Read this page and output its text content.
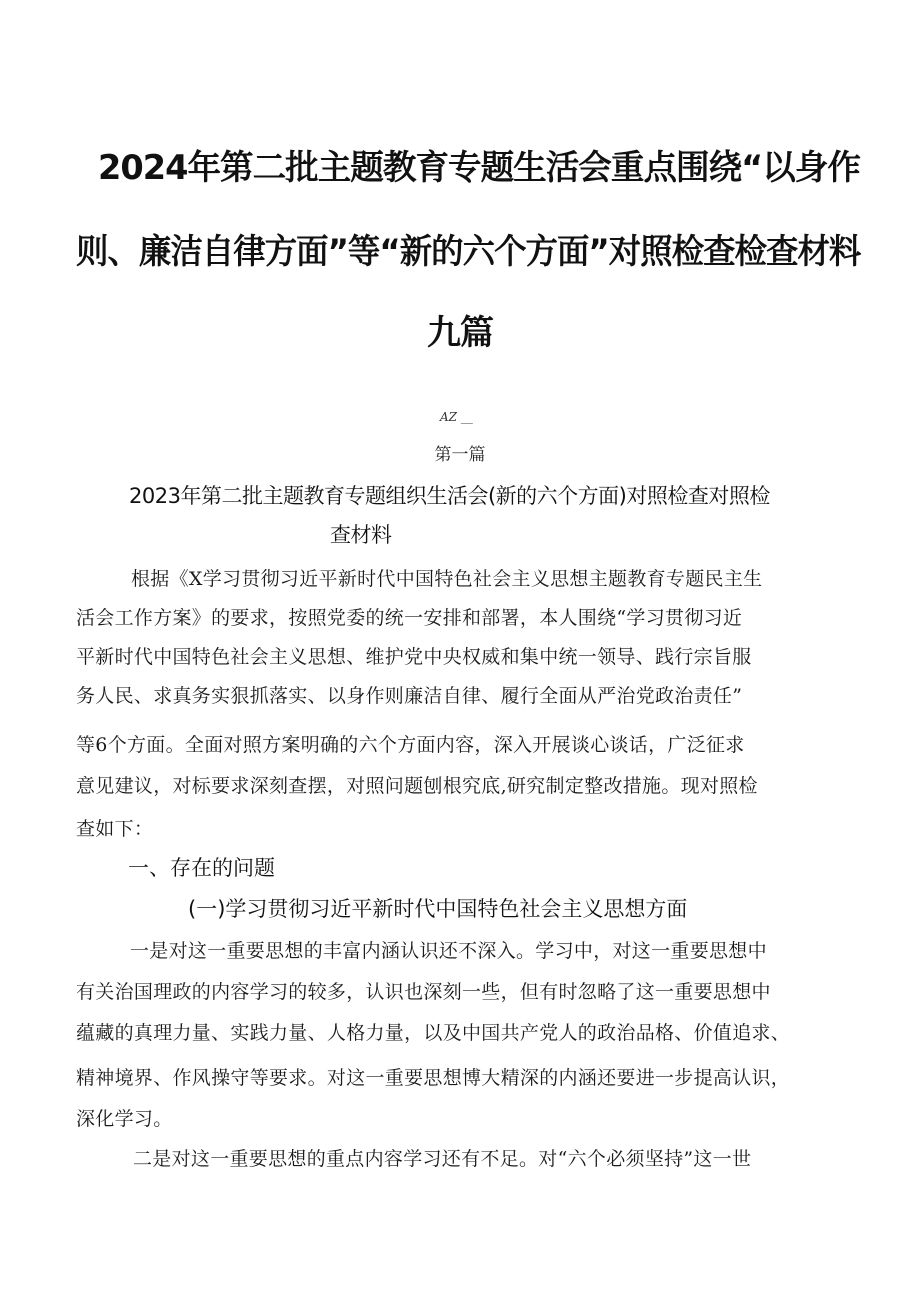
2024年第二批主题教育专题生活会重点围绕“以身作
则、廉洁自律方面”等“新的六个方面”对照检查检查材料
九篇
AZ __
第一篇
2023年第二批主题教育专题组织生活会(新的六个方面)对照检查对照检
查材料
根据《X学习贯彻习近平新时代中国特色社会主义思想主题教育专题民主生
活会工作方案》的要求，按照党委的统一安排和部署，本人围绕“学习贯彻习近
平新时代中国特色社会主义思想、维护党中央权威和集中统一领导、践行宗旨服
务人民、求真务实狠抓落实、以身作则廉洁自律、履行全面从严治党政治责任”
等6个方面。全面对照方案明确的六个方面内容，深入开展谈心谈话，广泛征求
意见建议，对标要求深刻查摆，对照问题刨根究底,研究制定整改措施。现对照检
查如下：
一、存在的问题
(一)学习贯彻习近平新时代中国特色社会主义思想方面
一是对这一重要思想的丰富内涵认识还不深入。学习中，对这一重要思想中
有关治国理政的内容学习的较多，认识也深刻一些，但有时忽略了这一重要思想中
蕴藏的真理力量、实践力量、人格力量，以及中国共产党人的政治品格、价值追求、
精神境界、作风操守等要求。对这一重要思想博大精深的内涵还要进一步提高认识，
深化学习。
二是对这一重要思想的重点内容学习还有不足。对“六个必须坚持”这一世
